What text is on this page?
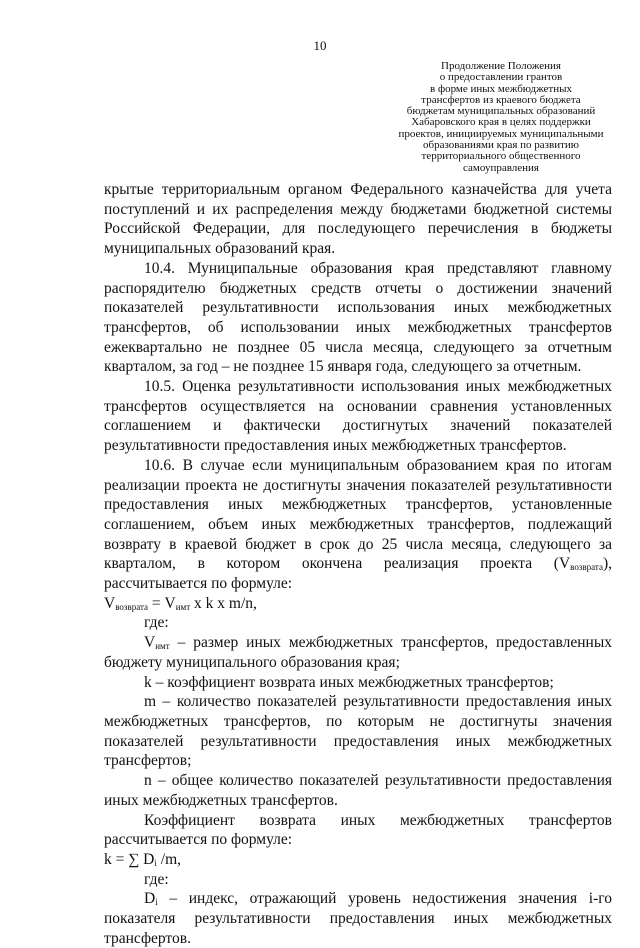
10
Продолжение Положения
о предоставлении грантов
в форме иных межбюджетных
трансфертов из краевого бюджета
бюджетам муниципальных образований
Хабаровского края в целях поддержки
проектов, инициируемых муниципальными
образованиями края по развитию
территориального общественного
самоуправления

крытые территориальным органом Федерального казначейства для учета поступлений и их распределения между бюджетами бюджетной системы Российской Федерации, для последующего перечисления в бюджеты муниципальных образований края.

10.4. Муниципальные образования края представляют главному распорядителю бюджетных средств отчеты о достижении значений показателей результативности использования иных межбюджетных трансфертов, об использовании иных межбюджетных трансфертов ежеквартально не позднее 05 числа месяца, следующего за отчетным кварталом, за год – не позднее 15 января года, следующего за отчетным.

10.5. Оценка результативности использования иных межбюджетных трансфертов осуществляется на основании сравнения установленных соглашением и фактически достигнутых значений показателей результативности предоставления иных межбюджетных трансфертов.

10.6. В случае если муниципальным образованием края по итогам реализации проекта не достигнуты значения показателей результативности предоставления иных межбюджетных трансфертов, установленные соглашением, объем иных межбюджетных трансфертов, подлежащий возврату в краевой бюджет в срок до 25 числа месяца, следующего за кварталом, в котором окончена реализация проекта $(V_{возврата})$, рассчитывается по формуле:

$V_{возврата} = V_{имт}$ x k x m/n,

где:

$V_{имт}$ – размер иных межбюджетных трансфертов, предоставленных бюджету муниципального образования края;

k – коэффициент возврата иных межбюджетных трансфертов;

m – количество показателей результативности предоставления иных межбюджетных трансфертов, по которым не достигнуты значения показателей результативности предоставления иных межбюджетных трансфертов;

n – общее количество показателей результативности предоставления иных межбюджетных трансфертов.

Коэффициент возврата иных межбюджетных трансфертов рассчитывается по формуле:

k = ∑ $D_i$ /m,

где:

$D_i$ – индекс, отражающий уровень недостижения значения i-го показателя результативности предоставления иных межбюджетных трансфертов.
